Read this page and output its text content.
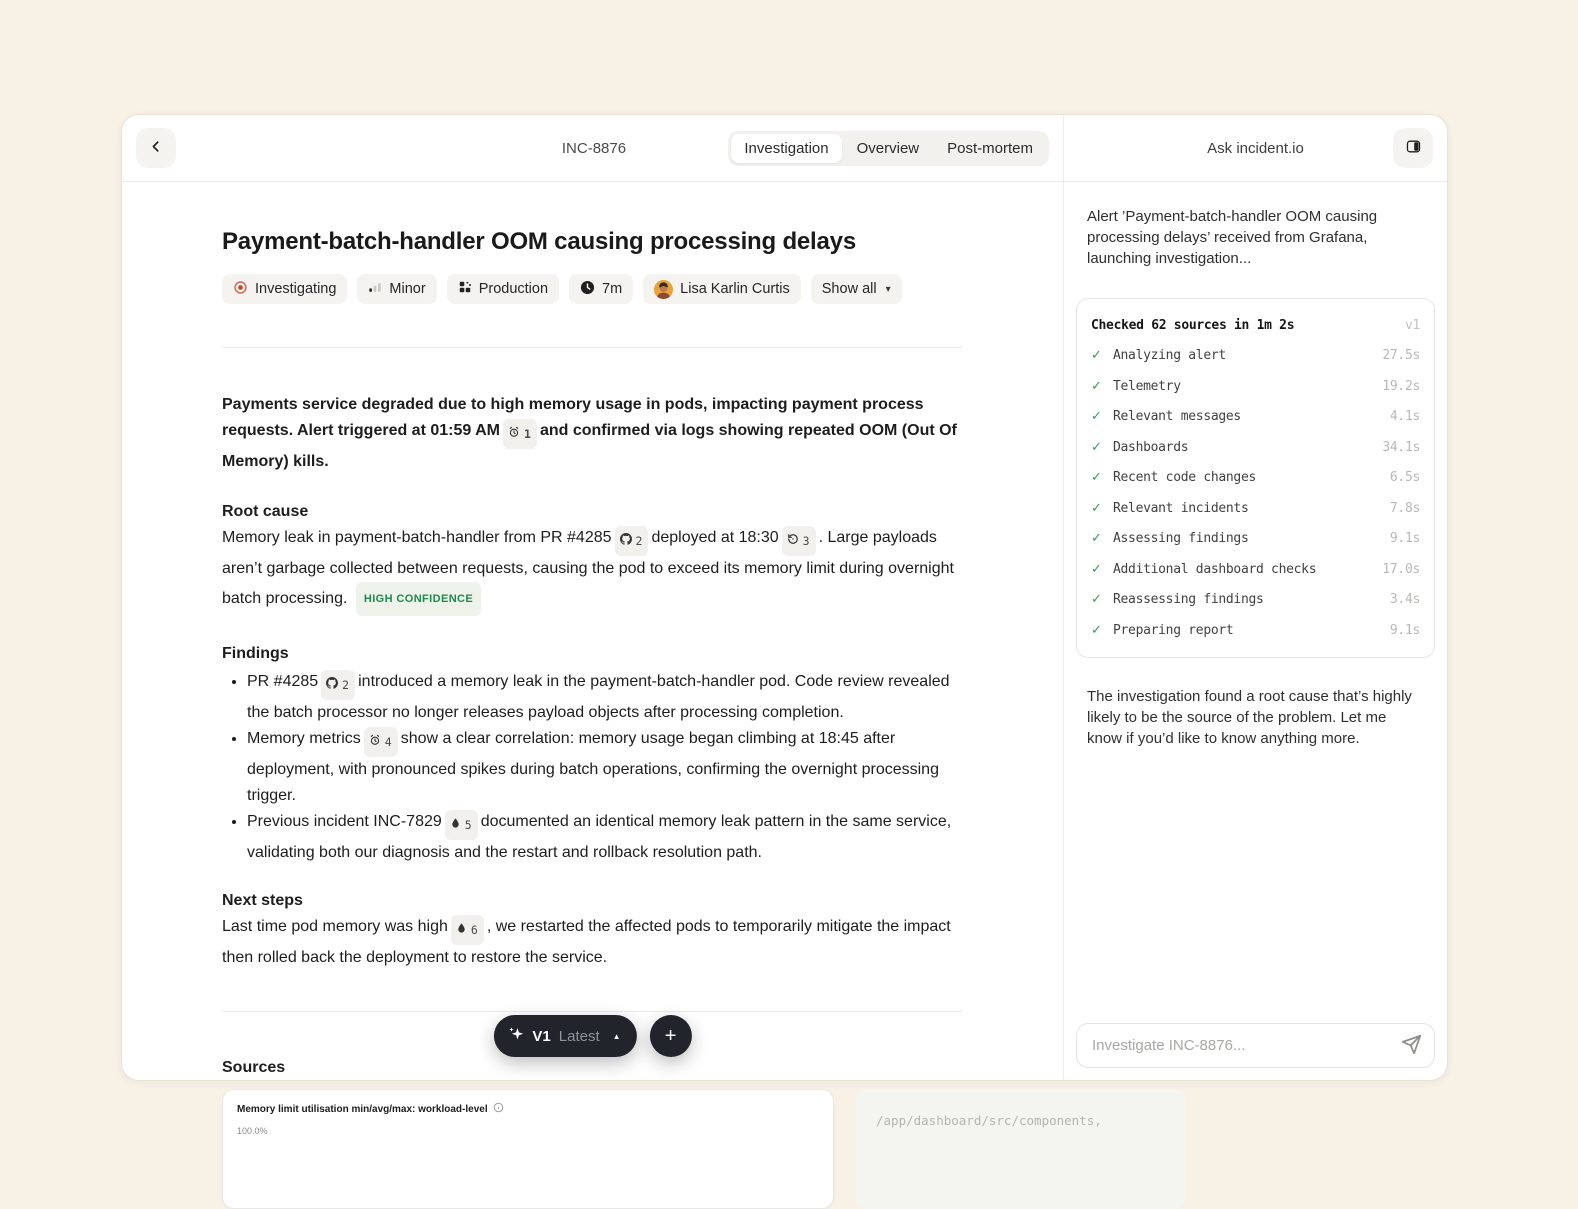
INC-8876	Investigation	Overview	Post-mortem
Payment-batch-handler OOM causing processing delays
Investigating	Minor	Production	7m	Lisa Karlin Curtis Show all ▾

Payments service degraded due to high memory usage in pods, impacting payment process requests. Alert triggered at 01:59 AM 1 and confirmed via logs showing repeated OOM (Out Of Memory) kills.

Root cause

Memory leak in payment-batch-handler from PR #4285 2 deployed at 18:30 3 . Large payloads aren’t garbage collected between requests, causing the pod to exceed its memory limit during overnight batch processing. HIGH CONFIDENCE

Findings
• PR #4285 2 introduced a memory leak in the payment-batch-handler pod. Code review revealed the batch processor no longer releases payload objects after processing completion.
• Memory metrics 4 show a clear correlation: memory usage began climbing at 18:45 after deployment, with pronounced spikes during batch operations, confirming the overnight processing trigger.
• Previous incident INC-7829 5 documented an identical memory leak pattern in the same service, validating both our diagnosis and the restart and rollback resolution path.
Next steps

Last time pod memory was high 6 , we restarted the affected pods to temporarily mitigate the impact then rolled back the deployment to restore the service.

Sources
Memory limit utilisation min/avg/max: workload-level
100.0%
/app/dashboard/src/components,
V1 Latest ▲ +
Ask incident.io

Alert ’Payment-batch-handler OOM causing processing delays’ received from Grafana, launching investigation...

Checked 62 sources in 1m 2s	v1
✓ Analyzing alert	27.5s
✓ Telemetry	19.2s
✓ Relevant messages	4.1s
✓ Dashboards	34.1s
✓ Recent code changes	6.5s
✓ Relevant incidents	7.8s
✓ Assessing findings	9.1s
✓ Additional dashboard checks	17.0s
✓ Reassessing findings	3.4s
✓ Preparing report	9.1s

The investigation found a root cause that’s highly likely to be the source of the problem. Let me know if you’d like to know anything more.

Investigate INC-8876...
